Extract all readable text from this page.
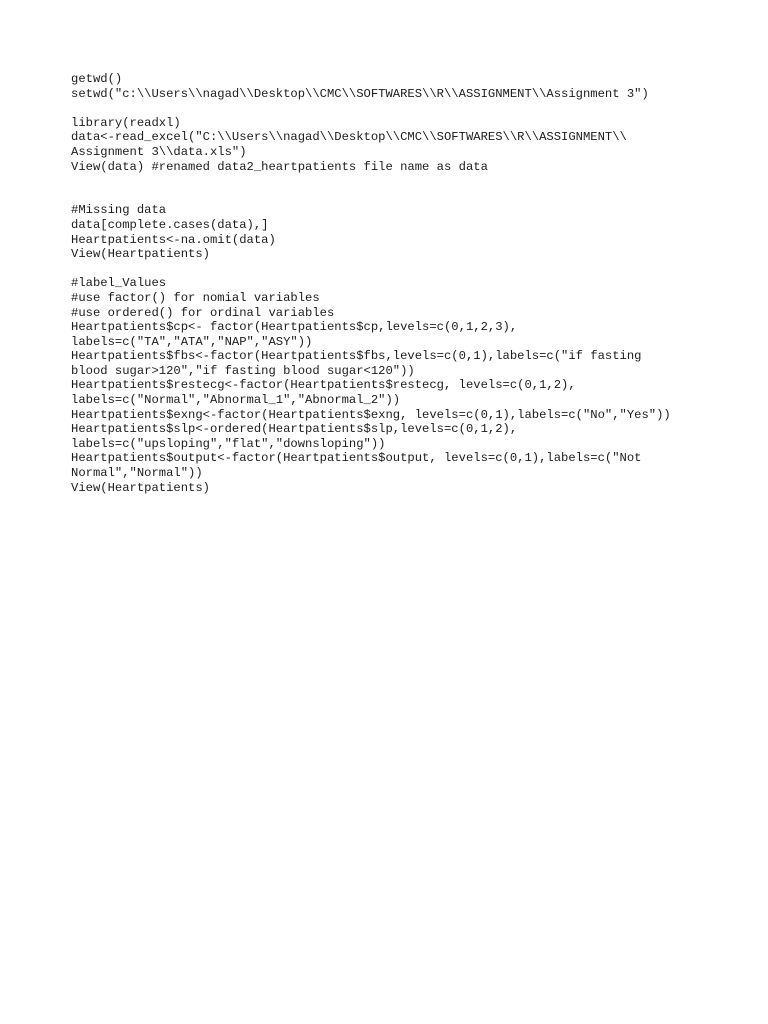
getwd()
setwd("c:\\Users\\nagad\\Desktop\\CMC\\SOFTWARES\\R\\ASSIGNMENT\\Assignment 3")
library(readxl)
data<-read_excel("C:\\Users\\nagad\\Desktop\\CMC\\SOFTWARES\\R\\ASSIGNMENT\\
Assignment 3\\data.xls")
View(data) #renamed data2_heartpatients file name as data
#Missing data
data[complete.cases(data),]
Heartpatients<-na.omit(data)
View(Heartpatients)
#label_Values
#use factor() for nomial variables
#use ordered() for ordinal variables
Heartpatients$cp<- factor(Heartpatients$cp,levels=c(0,1,2,3),
labels=c("TA","ATA","NAP","ASY"))
Heartpatients$fbs<-factor(Heartpatients$fbs,levels=c(0,1),labels=c("if fasting
blood sugar>120","if fasting blood sugar<120"))
Heartpatients$restecg<-factor(Heartpatients$restecg, levels=c(0,1,2),
labels=c("Normal","Abnormal_1","Abnormal_2"))
Heartpatients$exng<-factor(Heartpatients$exng, levels=c(0,1),labels=c("No","Yes"))
Heartpatients$slp<-ordered(Heartpatients$slp,levels=c(0,1,2),
labels=c("upsloping","flat","downsloping"))
Heartpatients$output<-factor(Heartpatients$output, levels=c(0,1),labels=c("Not
Normal","Normal"))
View(Heartpatients)
